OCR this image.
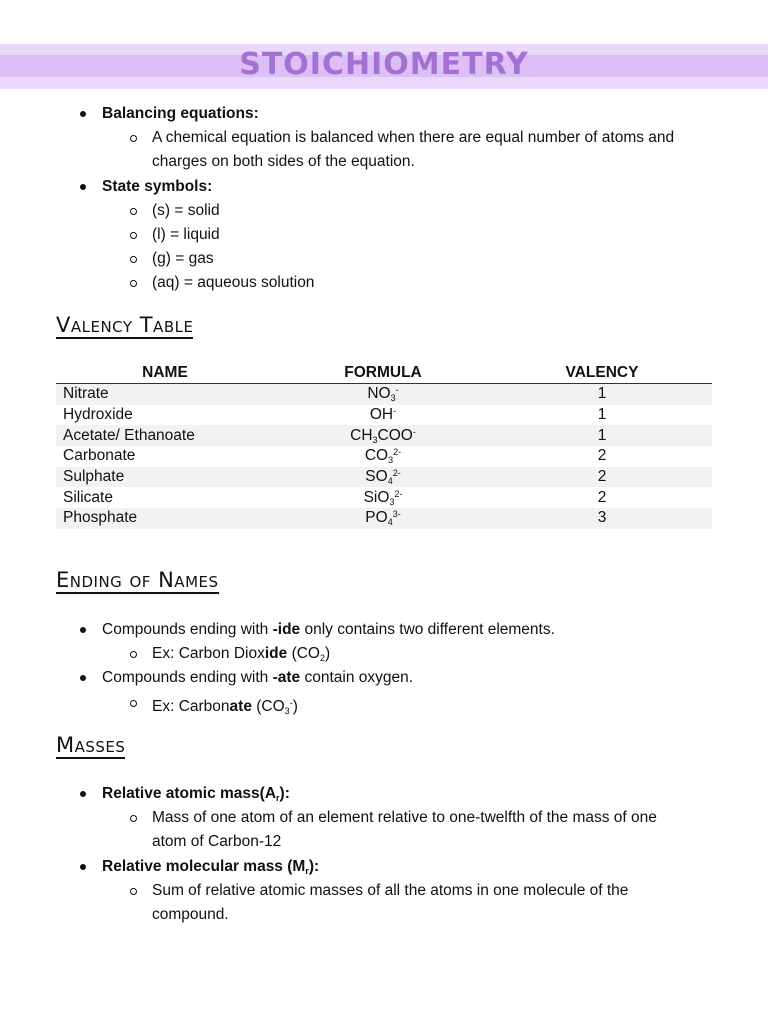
STOICHIOMETRY
Balancing equations:
A chemical equation is balanced when there are equal number of atoms and
charges on both sides of the equation.
State symbols:
(s) = solid
(l) = liquid
(g) = gas
(aq) = aqueous solution
Valency Table
NAME	FORMULA	VALENCY
Nitrate	$NO_3^-$	1
Hydroxide	OH-	1
Acetate/ Ethanoate	$CH_3COO^-$	1
Carbonate	$CO_3^{2-}$	2
Sulphate	$SO_4^{2-}$	2
Silicate	SiO$_3^{2-}$	2
Phosphate	$PO_4^{3-}$	3
Ending of Names
Compounds ending with -ide only contains two different elements.
Ex: Carbon Dioxide $(CO_2)$
Compounds ending with -ate contain oxygen.
Ex: Carbonate $(CO_3^-)$
Masses
Relative atomic $mass(A_r)$:
Mass of one atom of an element relative to one-twelfth of the mass of one
atom of Carbon-12
Relative molecular mass $(M_r)$:
Sum of relative atomic masses of all the atoms in one molecule of the
compound.
